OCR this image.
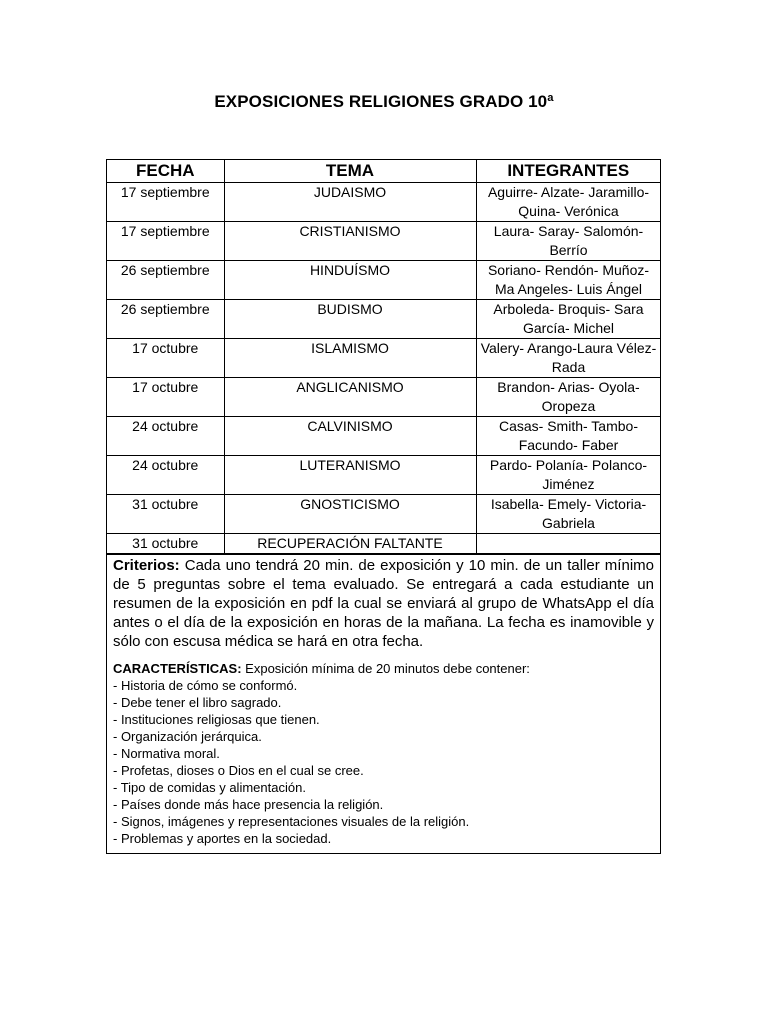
EXPOSICIONES RELIGIONES GRADO 10ª
FECHA	TEMA	INTEGRANTES
17 septiembre	JUDAISMO	Aguirre- Alzate- Jaramillo-Quina- Verónica

17 septiembre	CRISTIANISMO	Laura- Saray- Salomón- Berrío

26 septiembre	HINDUÍSMO	Soriano- Rendón- Muñoz- Ma Angeles- Luis Ángel

26 septiembre	BUDISMO	Arboleda- Broquis- Sara García- Michel

17 octubre	ISLAMISMO	Valery- Arango-Laura Vélez- Rada

17 octubre	ANGLICANISMO	Brandon- Arias- Oyola- Oropeza

24 octubre	CALVINISMO	Casas- Smith- Tambo- Facundo- Faber

24 octubre	LUTERANISMO	Pardo- Polanía- Polanco- Jiménez

31 octubre	GNOSTICISMO	Isabella- Emely- Victoria- Gabriela

31 octubre	RECUPERACIÓN FALTANTE	

Criterios: Cada uno tendrá 20 min. de exposición y 10 min. de un taller mínimo de 5 preguntas sobre el tema evaluado. Se entregará a cada estudiante un resumen de la exposición en pdf la cual se enviará al grupo de WhatsApp el día antes o el día de la exposición en horas de la mañana. La fecha es inamovible y sólo con escusa médica se hará en otra fecha.

CARACTERÍSTICAS: Exposición mínima de 20 minutos debe contener:

- Historia de cómo se conformó.
- Debe tener el libro sagrado.
- Instituciones religiosas que tienen.
- Organización jerárquica.
- Normativa moral.
- Profetas, dioses o Dios en el cual se cree.
- Tipo de comidas y alimentación.
- Países donde más hace presencia la religión.
- Signos, imágenes y representaciones visuales de la religión.
- Problemas y aportes en la sociedad.
